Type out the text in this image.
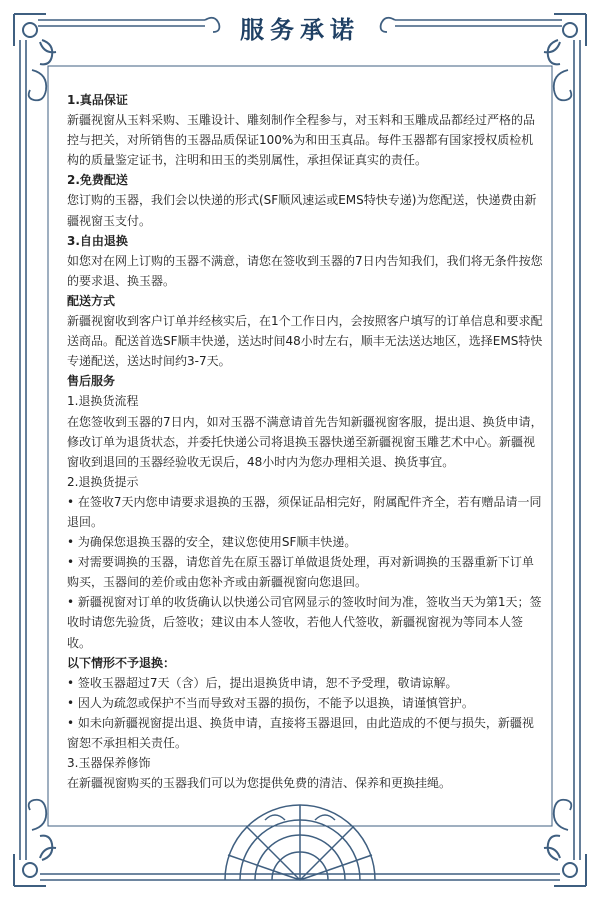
服务承诺

1.真品保证

新疆视窗从玉料采购、玉雕设计、雕刻制作全程参与，对玉料和玉雕成品都经过严格的品控与把关，对所销售的玉器品质保证100%为和田玉真品。每件玉器都有国家授权质检机构的质量鉴定证书，注明和田玉的类别属性，承担保证真实的责任。

2.免费配送

您订购的玉器，我们会以快递的形式(SF顺风速运或EMS特快专递)为您配送，快递费由新疆视窗玉支付。

3.自由退换

如您对在网上订购的玉器不满意，请您在签收到玉器的7日内告知我们，我们将无条件按您的要求退、换玉器。

配送方式

新疆视窗收到客户订单并经核实后，在1个工作日内，会按照客户填写的订单信息和要求配送商品。配送首选SF顺丰快递，送达时间48小时左右，顺丰无法送达地区，选择EMS特快专递配送，送达时间约3-7天。

售后服务

1.退换货流程

在您签收到玉器的7日内，如对玉器不满意请首先告知新疆视窗客服，提出退、换货申请，修改订单为退货状态，并委托快递公司将退换玉器快递至新疆视窗玉雕艺术中心。新疆视窗收到退回的玉器经验收无误后，48小时内为您办理相关退、换货事宜。

2.退换货提示

• 在签收7天内您申请要求退换的玉器，须保证品相完好，附属配件齐全，若有赠品请一同退回。

• 为确保您退换玉器的安全，建议您使用SF顺丰快递。

• 对需要调换的玉器，请您首先在原玉器订单做退货处理，再对新调换的玉器重新下订单购买，玉器间的差价或由您补齐或由新疆视窗向您退回。

• 新疆视窗对订单的收货确认以快递公司官网显示的签收时间为准，签收当天为第1天；签收时请您先验货，后签收；建议由本人签收，若他人代签收，新疆视窗视为等同本人签收。

以下情形不予退换：

• 签收玉器超过7天（含）后，提出退换货申请，恕不予受理，敬请谅解。

• 因人为疏忽或保护不当而导致对玉器的损伤，不能予以退换，请谨慎管护。

• 如未向新疆视窗提出退、换货申请，直接将玉器退回，由此造成的不便与损失，新疆视窗恕不承担相关责任。

3.玉器保养修饰

在新疆视窗购买的玉器我们可以为您提供免费的清洁、保养和更换挂绳。
